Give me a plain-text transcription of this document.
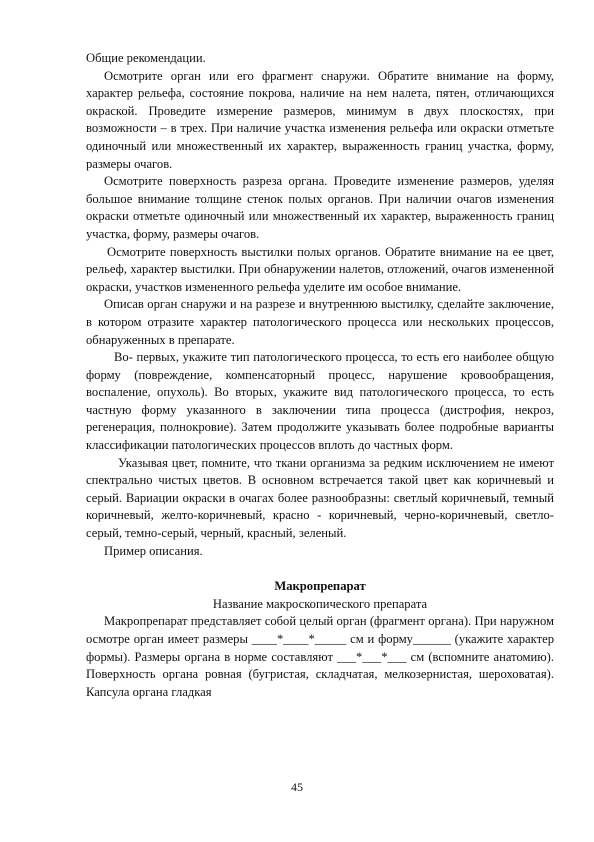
Общие рекомендации.

Осмотрите орган или его фрагмент снаружи. Обратите внимание на форму, характер рельефа, состояние покрова, наличие на нем налета, пятен, отличающихся окраской. Проведите измерение размеров, минимум в двух плоскостях, при возможности – в трех. При наличие участка изменения рельефа или окраски отметьте одиночный или множественный их характер, выраженность границ участка, форму, размеры очагов.

Осмотрите поверхность разреза органа. Проведите изменение размеров, уделяя большое внимание толщине стенок полых органов. При наличии очагов изменения окраски отметьте одиночный или множественный их характер, выраженность границ участка, форму, размеры очагов.

Осмотрите поверхность выстилки полых органов. Обратите внимание на ее цвет, рельеф, характер выстилки. При обнаружении налетов, отложений, очагов измененной окраски, участков измененного рельефа уделите им особое внимание.

Описав орган снаружи и на разрезе и внутреннюю выстилку, сделайте заключение, в котором отразите характер патологического процесса или нескольких процессов, обнаруженных в препарате.

Во- первых, укажите тип патологического процесса, то есть его наиболее общую форму (повреждение, компенсаторный процесс, нарушение кровообращения, воспаление, опухоль). Во вторых, укажите вид патологического процесса, то есть частную форму указанного в заключении типа процесса (дистрофия, некроз, регенерация, полнокровие). Затем продолжите указывать более подробные варианты классификации патологических процессов вплоть до частных форм.

Указывая цвет, помните, что ткани организма за редким исключением не имеют спектрально чистых цветов. В основном встречается такой цвет как коричневый и серый. Вариации окраски в очагах более разнообразны: светлый коричневый, темный коричневый, желто-коричневый, красно - коричневый, черно-коричневый, светло-серый, темно-серый, черный, красный, зеленый.

Пример описания.

Макропрепарат

Название макроскопического препарата

Макропрепарат представляет собой целый орган (фрагмент органа). При наружном осмотре орган имеет размеры ____*____*_____ см и форму______ (укажите характер формы). Размеры органа в норме составляют ___*___*___ см (вспомните анатомию). Поверхность органа ровная (бугристая, складчатая, мелкозернистая, шероховатая). Капсула органа гладкая

45
